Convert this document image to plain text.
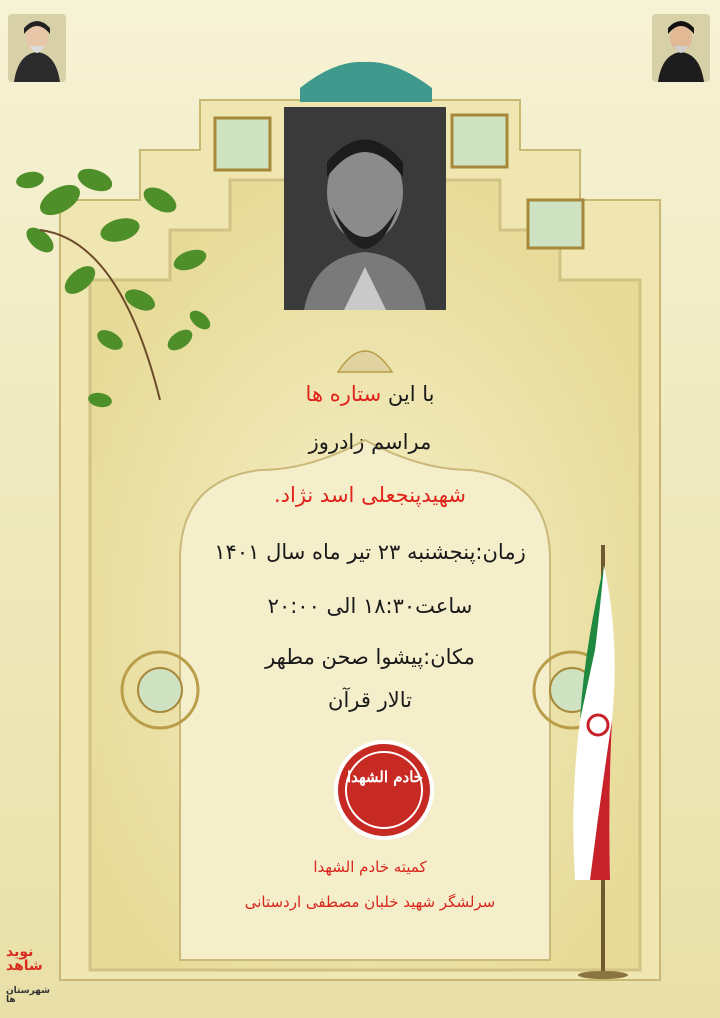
با این ستاره ها
مراسم زادروز
شهیدپنجعلی اسد نژاد.
زمان:پنجشنبه ۲۳ تیر ماه سال ۱۴۰۱
ساعت۱۸:۳۰ الی ۲۰:۰۰
مکان:پیشوا صحن مطهر
تالار قرآن
خادم الشهدا
کمیته خادم الشهدا
سرلشگر شهید خلبان مصطفی اردستانی
نوید شاهد
شهرستان ها
